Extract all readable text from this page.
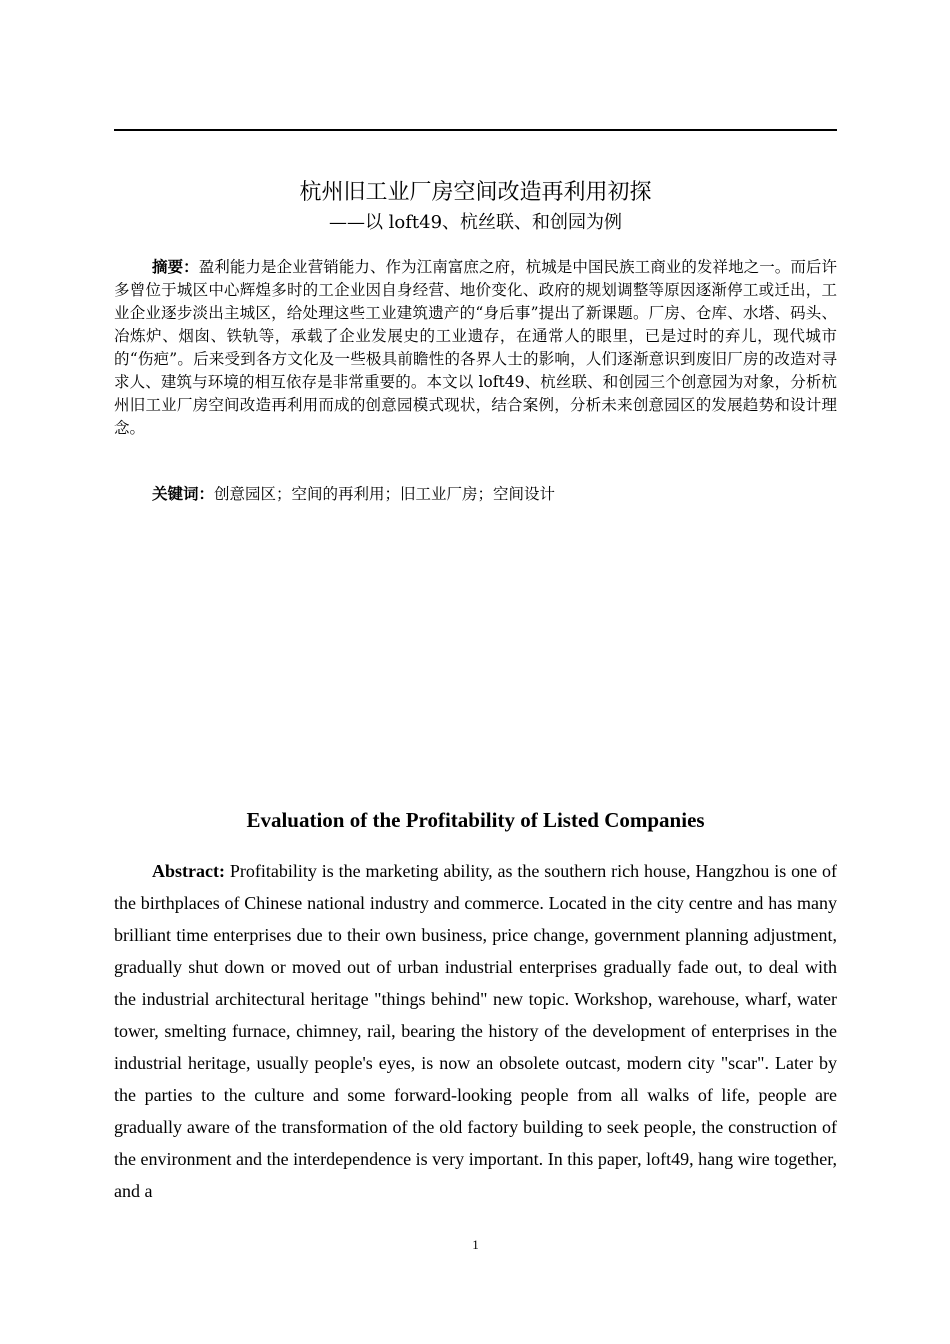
杭州旧工业厂房空间改造再利用初探
——以 loft49、杭丝联、和创园为例

摘要：盈利能力是企业营销能力、作为江南富庶之府，杭城是中国民族工商业的发祥地之一。而后许多曾位于城区中心辉煌多时的工企业因自身经营、地价变化、政府的规划调整等原因逐渐停工或迁出，工业企业逐步淡出主城区，给处理这些工业建筑遗产的“身后事”提出了新课题。厂房、仓库、水塔、码头、冶炼炉、烟囱、铁轨等，承载了企业发展史的工业遗存，在通常人的眼里，已是过时的弃儿，现代城市的“伤疤”。后来受到各方文化及一些极具前瞻性的各界人士的影响，人们逐渐意识到废旧厂房的改造对寻求人、建筑与环境的相互依存是非常重要的。本文以 loft49、杭丝联、和创园三个创意园为对象，分析杭州旧工业厂房空间改造再利用而成的创意园模式现状，结合案例，分析未来创意园区的发展趋势和设计理念。

关键词：创意园区；空间的再利用；旧工业厂房；空间设计

Evaluation of the Profitability of Listed Companies

Abstract: Profitability is the marketing ability, as the southern rich house, Hangzhou is one of the birthplaces of Chinese national industry and commerce. Located in the city centre and has many brilliant time enterprises due to their own business, price change, government planning adjustment, gradually shut down or moved out of urban industrial enterprises gradually fade out, to deal with the industrial architectural heritage "things behind" new topic. Workshop, warehouse, wharf, water tower, smelting furnace, chimney, rail, bearing the history of the development of enterprises in the industrial heritage, usually people's eyes, is now an obsolete outcast, modern city "scar". Later by the parties to the culture and some forward-looking people from all walks of life, people are gradually aware of the transformation of the old factory building to seek people, the construction of the environment and the interdependence is very important. In this paper, loft49, hang wire together, and a

1
